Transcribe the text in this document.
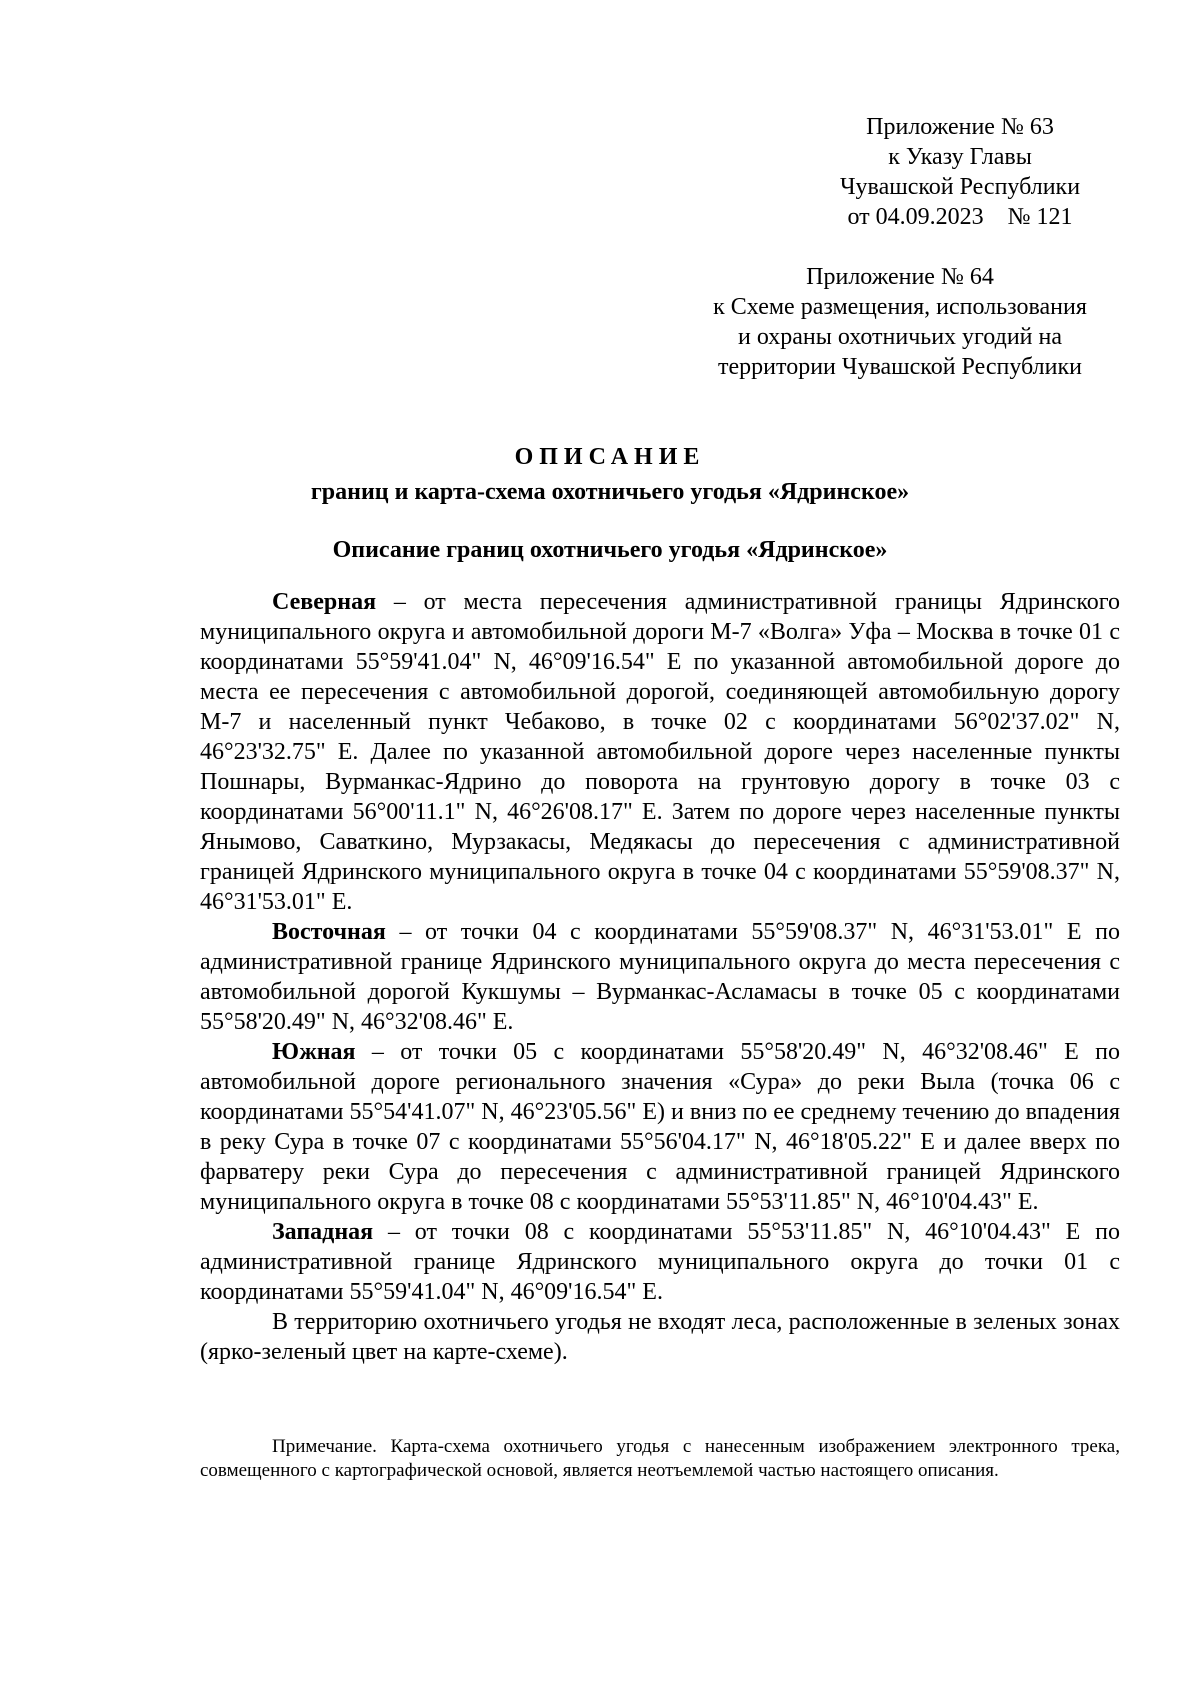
Приложение № 63
к Указу Главы
Чувашской Республики
от 04.09.2023    № 121
Приложение № 64
к Схеме размещения, использования
и охраны охотничьих угодий на
территории Чувашской Республики
ОПИСАНИЕ
границ и карта-схема охотничьего угодья «Ядринское»
Описание границ охотничьего угодья «Ядринское»

Северная – от места пересечения административной границы Ядринского муниципального округа и автомобильной дороги М-7 «Волга» Уфа – Москва в точке 01 с координатами 55°59'41.04" N, 46°09'16.54" E по указанной автомобильной дороге до места ее пересечения с автомобильной дорогой, соединяющей автомобильную дорогу М-7 и населенный пункт Чебаково, в точке 02 с координатами 56°02'37.02" N, 46°23'32.75" E. Далее по указанной автомобильной дороге через населенные пункты Пошнары, Вурманкас-Ядрино до поворота на грунтовую дорогу в точке 03 с координатами 56°00'11.1" N, 46°26'08.17" E. Затем по дороге через населенные пункты Янымово, Саваткино, Мурзакасы, Медякасы до пересечения с административной границей Ядринского муниципального округа в точке 04 с координатами 55°59'08.37" N, 46°31'53.01" E.

Восточная – от точки 04 с координатами 55°59'08.37" N, 46°31'53.01" E по административной границе Ядринского муниципального округа до места пересечения с автомобильной дорогой Кукшумы – Вурманкас-Асламасы в точке 05 с координатами 55°58'20.49" N, 46°32'08.46" E.

Южная – от точки 05 с координатами 55°58'20.49" N, 46°32'08.46" E по автомобильной дороге регионального значения «Сура» до реки Выла (точка 06 с координатами 55°54'41.07" N, 46°23'05.56" E) и вниз по ее среднему течению до впадения в реку Сура в точке 07 с координатами 55°56'04.17" N, 46°18'05.22" E и далее вверх по фарватеру реки Сура до пересечения с административной границей Ядринского муниципального округа в точке 08 с координатами 55°53'11.85" N, 46°10'04.43" E.

Западная – от точки 08 с координатами 55°53'11.85" N, 46°10'04.43" E по административной границе Ядринского муниципального округа до точки 01 с координатами 55°59'41.04" N, 46°09'16.54" E.

В территорию охотничьего угодья не входят леса, расположенные в зеленых зонах (ярко-зеленый цвет на карте-схеме).

Примечание. Карта-схема охотничьего угодья с нанесенным изображением электронного трека, совмещенного с картографической основой, является неотъемлемой частью настоящего описания.
